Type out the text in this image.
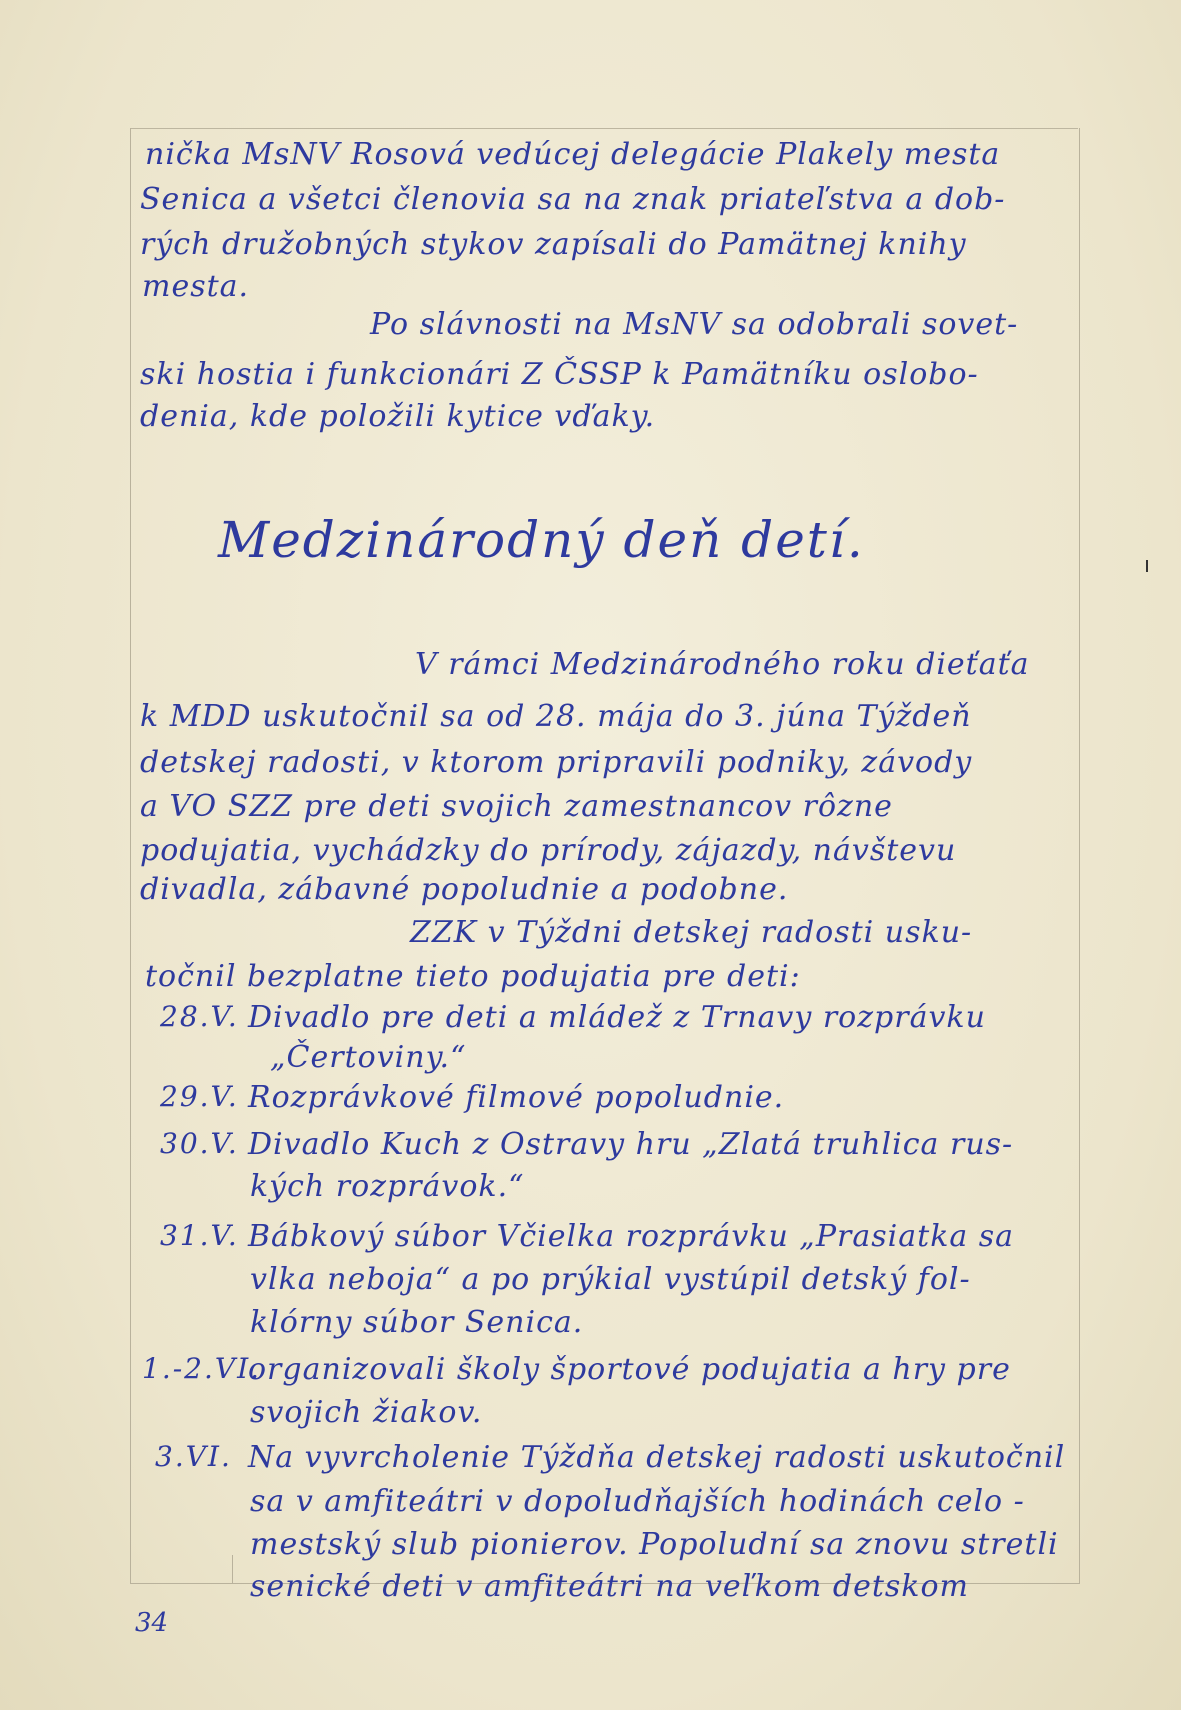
nička MsNV Rosová vedúcej delegácie Plakely mesta
Senica a všetci členovia sa na znak priateľstva a dob-
rých družobných stykov zapísali do Pamätnej knihy
mesta.
Po slávnosti na MsNV sa odobrali sovet-
ski hostia i funkcionári Z ČSSP k Pamätníku oslobo-
denia, kde položili kytice vďaky.
Medzinárodný deň detí.
V rámci Medzinárodného roku dieťaťa
k MDD uskutočnil sa od 28. mája do 3. júna Týždeň
detskej radosti, v ktorom pripravili podniky, závody
a VO SZZ pre deti svojich zamestnancov rôzne
podujatia, vychádzky do prírody, zájazdy, návštevu
divadla, zábavné popoludnie a podobne.
ZZK v Týždni detskej radosti usku-
točnil bezplatne tieto podujatia pre deti:
28.V. Divadlo pre deti a mládež z Trnavy rozprávku
„Čertoviny.“
29.V. Rozprávkové filmové popoludnie.
30.V. Divadlo Kuch z Ostravy hru „Zlatá truhlica rus-
kých rozprávok.“
31.V. Bábkový súbor Včielka rozprávku „Prasiatka sa
vlka neboja“ a po prýkial vystúpil detský fol-
klórny súbor Senica.
1.-2.VI.
organizovali školy športové podujatia a hry pre
svojich žiakov.
3.VI. Na vyvrcholenie Týždňa detskej radosti uskutočnil
sa v amfiteátri v dopoludňajších hodinách celo -
mestský slub pionierov. Popoludní sa znovu stretli
senické deti v amfiteátri na veľkom detskom
34
